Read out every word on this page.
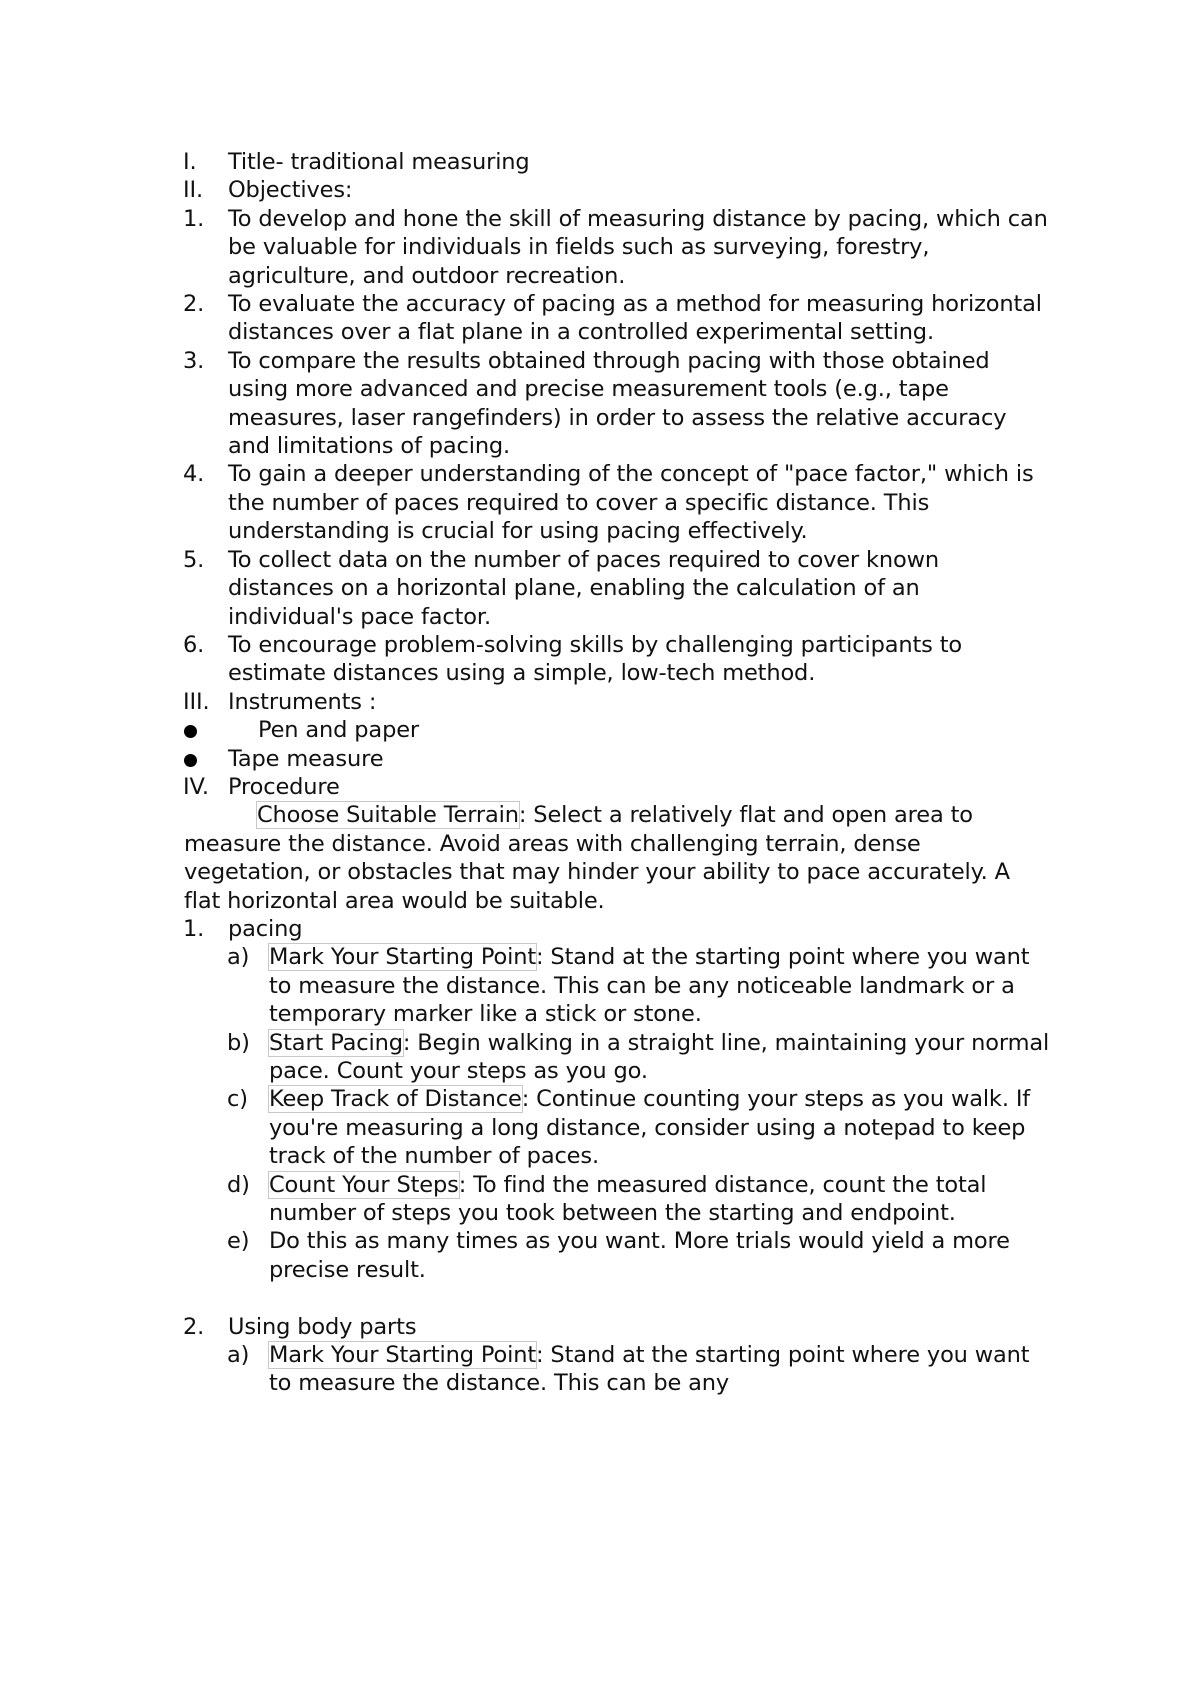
I. Title- traditional measuring
II. Objectives:
1. To develop and hone the skill of measuring distance by pacing, which can be valuable for individuals in fields such as surveying, forestry, agriculture, and outdoor recreation.
2. To evaluate the accuracy of pacing as a method for measuring horizontal distances over a flat plane in a controlled experimental setting.
3. To compare the results obtained through pacing with those obtained using more advanced and precise measurement tools (e.g., tape measures, laser rangefinders) in order to assess the relative accuracy and limitations of pacing.
4. To gain a deeper understanding of the concept of "pace factor," which is the number of paces required to cover a specific distance. This understanding is crucial for using pacing effectively.
5. To collect data on the number of paces required to cover known distances on a horizontal plane, enabling the calculation of an individual's pace factor.
6. To encourage problem-solving skills by challenging participants to estimate distances using a simple, low-tech method.
III. Instruments :
Pen and paper
Tape measure
IV. Procedure
Choose Suitable Terrain: Select a relatively flat and open area to measure the distance. Avoid areas with challenging terrain, dense vegetation, or obstacles that may hinder your ability to pace accurately. A flat horizontal area would be suitable.
1. pacing
a) Mark Your Starting Point: Stand at the starting point where you want to measure the distance. This can be any noticeable landmark or a temporary marker like a stick or stone.
b) Start Pacing: Begin walking in a straight line, maintaining your normal pace. Count your steps as you go.
c) Keep Track of Distance: Continue counting your steps as you walk. If you're measuring a long distance, consider using a notepad to keep track of the number of paces.
d) Count Your Steps: To find the measured distance, count the total number of steps you took between the starting and endpoint.
e) Do this as many times as you want. More trials would yield a more precise result.
2. Using body parts
a) Mark Your Starting Point: Stand at the starting point where you want to measure the distance. This can be any
